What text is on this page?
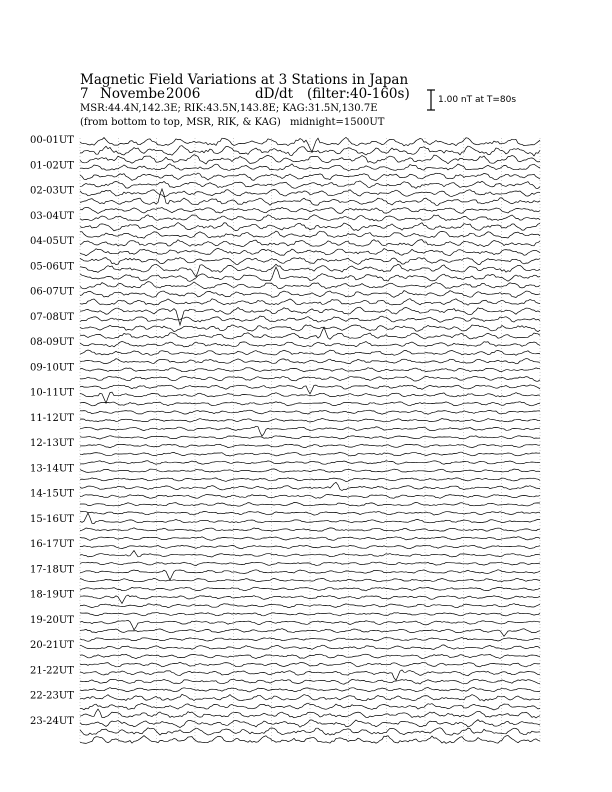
Magnetic Field Variations at 3 Stations in Japan
7 Novembe 2006	dD/dt (filter:40-160s)
MSR:44.4N,142.3E; RIK:43.5N,143.8E; KAG:31.5N,130.7E
(from bottom to top, MSR, RIK, & KAG) midnight=1500UT
1.00 nT at T=80s
00-01UT
01-02UT
02-03UT
03-04UT
04-05UT
05-06UT
06-07UT
07-08UT
08-09UT
09-10UT
10-11UT
11-12UT
12-13UT
13-14UT
14-15UT
15-16UT
16-17UT
17-18UT
18-19UT
19-20UT
20-21UT
21-22UT
22-23UT
23-24UT
